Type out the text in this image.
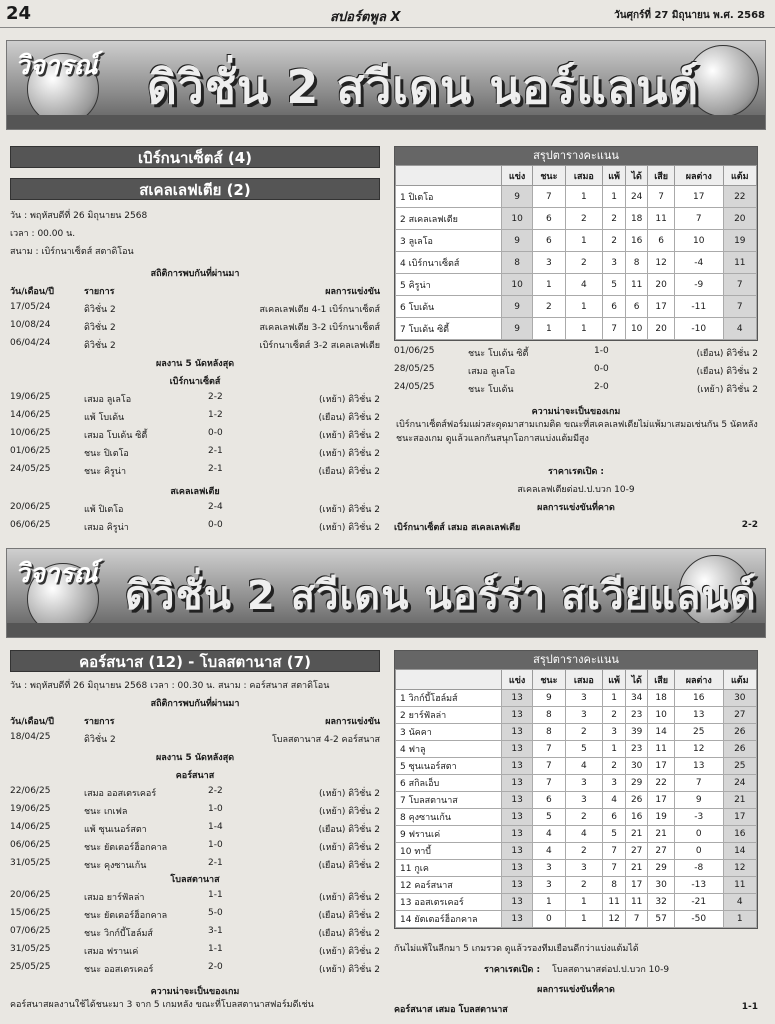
24	สปอร์ตพูล X	วันศุกร์ที่ 27 มิถุนายน พ.ศ. 2568
วิจารณ์ ดิวิชั่น 2 สวีเดน นอร์แลนด์
เบิร์กนาเซ็ตส์ (4)
สเคลเลฟเตีย (2)
วัน : พฤหัสบดีที่ 26 มิถุนายน 2568
เวลา : 00.00 น.
สนาม : เบิร์กนาเซ็ตส์ สตาดิโอน
สถิติการพบกันที่ผ่านมา
วัน/เดือน/ปี	รายการ	ผลการแข่งขัน
17/05/24	ดิวิชั่น 2	สเคลเลฟเตีย 4-1 เบิร์กนาเซ็ตส์
10/08/24	ดิวิชั่น 2	สเคลเลฟเตีย 3-2 เบิร์กนาเซ็ตส์
06/04/24	ดิวิชั่น 2	เบิร์กนาเซ็ตส์ 3-2 สเคลเลฟเตีย
ผลงาน 5 นัดหลังสุด
เบิร์กนาเซ็ตส์
19/06/25	เสมอ ลูเลโอ	2-2	(เหย้า) ดิวิชั่น 2
14/06/25	แพ้ โบเด้น	1-2	(เยือน) ดิวิชั่น 2
10/06/25	เสมอ โบเด้น ซิตี้	0-0	(เหย้า) ดิวิชั่น 2
01/06/25	ชนะ ปิเตโอ	2-1	(เหย้า) ดิวิชั่น 2
24/05/25	ชนะ คิรูน่า	2-1	(เยือน) ดิวิชั่น 2
สเคลเลฟเตีย
20/06/25	แพ้ ปิเตโอ	2-4	(เหย้า) ดิวิชั่น 2
06/06/25	เสมอ คิรูน่า	0-0	(เหย้า) ดิวิชั่น 2
สรุปตารางคะแนน
	แข่ง	ชนะ	เสมอ	แพ้	ได้	เสีย	ผลต่าง	แต้ม
1 ปิเตโอ	9	7	1	1	24	7	17	22
2 สเคลเลฟเตีย	10	6	2	2	18	11	7	20
3 ลูเลโอ	9	6	1	2	16	6	10	19
4 เบิร์กนาเซ็ตส์	8	3	2	3	8	12	-4	11
5 คิรูน่า	10	1	4	5	11	20	-9	7
6 โบเด้น	9	2	1	6	6	17	-11	7
7 โบเด้น ซิตี้	9	1	1	7	10	20	-10	4
01/06/25	ชนะ โบเด้น ซิตี้	1-0	(เยือน) ดิวิชั่น 2
28/05/25	เสมอ ลูเลโอ	0-0	(เยือน) ดิวิชั่น 2
24/05/25	ชนะ โบเด้น	2-0	(เหย้า) ดิวิชั่น 2
ความน่าจะเป็นของเกม
เบิร์กนาเซ็ตส์ฟอร์มแผ่วสะดุดมาสามเกมติด ขณะที่สเคลเลฟเตียไม่แพ้มาเสมอเช่นกัน 5 นัดหลังชนะสองเกม ดูแล้วแลกกันสนุกโอกาสแบ่งแต้มมีสูง
ราคาเรตเปิด :
สเคลเลฟเตียต่อป.ป.บวก 10-9
ผลการแข่งขันที่คาด
เบิร์กนาเซ็ตส์ เสมอ สเคลเลฟเตีย	2-2
วิจารณ์ ดิวิชั่น 2 สวีเดน นอร์ร่า สเวียแลนด์
คอร์สนาส (12) - โบลสตานาส (7)
วัน : พฤหัสบดีที่ 26 มิถุนายน 2568 เวลา : 00.30 น. สนาม : คอร์สนาส สตาดิโอน
สถิติการพบกันที่ผ่านมา
วัน/เดือน/ปี	รายการ	ผลการแข่งขัน
18/04/25	ดิวิชั่น 2	โบลสตานาส 4-2 คอร์สนาส
ผลงาน 5 นัดหลังสุด
คอร์สนาส
22/06/25	เสมอ ออสเตรเคอร์	2-2	(เหย้า) ดิวิชั่น 2
19/06/25	ชนะ เกเฟล	1-0	(เหย้า) ดิวิชั่น 2
14/06/25	แพ้ ซุนเนอร์สตา	1-4	(เยือน) ดิวิชั่น 2
06/06/25	ชนะ ยัตเตอร์ฮ็อกคาล	1-0	(เหย้า) ดิวิชั่น 2
31/05/25	ชนะ คุงซานเก้น	2-1	(เยือน) ดิวิชั่น 2
โบลสตานาส
20/06/25	เสมอ ยาร์ฟัลล่า	1-1	(เหย้า) ดิวิชั่น 2
15/06/25	ชนะ ยัตเตอร์ฮ็อกคาล	5-0	(เยือน) ดิวิชั่น 2
07/06/25	ชนะ วิกก์บี้โฮล์มส์	3-1	(เยือน) ดิวิชั่น 2
31/05/25	เสมอ ฟรานเค่	1-1	(เหย้า) ดิวิชั่น 2
25/05/25	ชนะ ออสเตรเคอร์	2-0	(เหย้า) ดิวิชั่น 2
ความน่าจะเป็นของเกม
คอร์สนาสผลงานใช้ได้ชนะมา 3 จาก 5 เกมหลัง ขณะที่โบลสตานาสฟอร์มดีเช่น
สรุปตารางคะแนน
	แข่ง	ชนะ	เสมอ	แพ้	ได้	เสีย	ผลต่าง	แต้ม
1 วิกก์บี้โฮล์มส์	13	9	3	1	34	18	16	30
2 ยาร์ฟัลล่า	13	8	3	2	23	10	13	27
3 นัคคา	13	8	2	3	39	14	25	26
4 ฟาลู	13	7	5	1	23	11	12	26
5 ซุนเนอร์สตา	13	7	4	2	30	17	13	25
6 สกิลเอ็บ	13	7	3	3	29	22	7	24
7 โบลสตานาส	13	6	3	4	26	17	9	21
8 คุงซานเก้น	13	5	2	6	16	19	-3	17
9 ฟรานเค่	13	4	4	5	21	21	0	16
10 ทาบี้	13	4	2	7	27	27	0	14
11 กูเค	13	3	3	7	21	29	-8	12
12 คอร์สนาส	13	3	2	8	17	30	-13	11
13 ออสเตรเคอร์	13	1	1	11	11	32	-21	4
14 ยัตเตอร์ฮ็อกคาล	13	0	1	12	7	57	-50	1
กันไม่แพ้ในลีกมา 5 เกมรวด ดูแล้วรองทีมเยือนดีกว่าแบ่งแต้มได้
ราคาเรตเปิด : โบลสตานาสต่อป.ป.บวก 10-9
ผลการแข่งขันที่คาด
คอร์สนาส เสมอ โบลสตานาส	1-1
